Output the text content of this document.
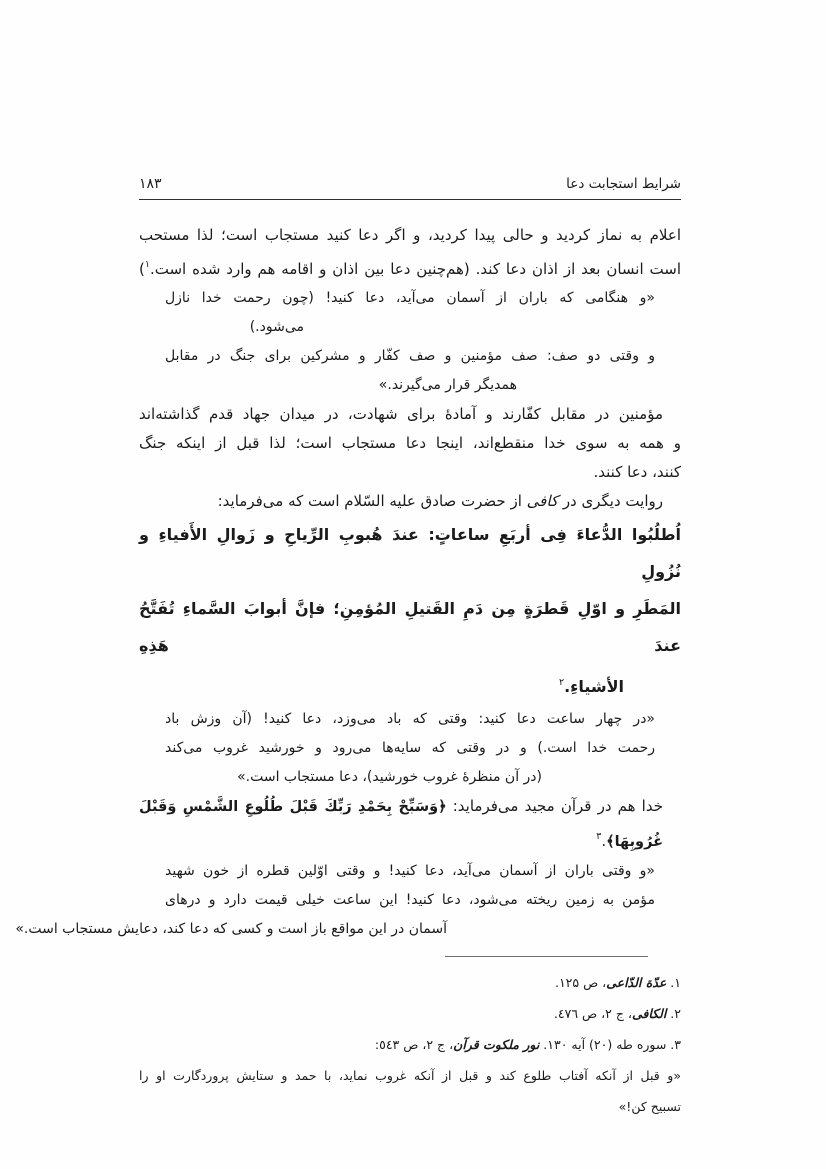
شرایط استجابت دعا
۱۸۳
اعلام به نماز کردید و حالی پیدا کردید، و اگر دعا کنید مستجاب است؛ لذا مستحب
است انسان بعد از اذان دعا کند. (هم‌چنین دعا بین اذان و اقامه هم وارد شده است.$^۱$)
«و هنگامی که باران از آسمان می‌آید، دعا کنید! (چون رحمت خدا نازل
می‌شود.)
و وقتی دو صف: صف مؤمنین و صف کفّار و مشرکین برای جنگ در مقابل
همدیگر قرار می‌گیرند.»
مؤمنین در مقابل کفّارند و آمادهٔ برای شهادت، در میدان جهاد قدم گذاشته‌اند
و همه به سوی خدا منقطع‌اند، اینجا دعا مستجاب است؛ لذا قبل از اینکه جنگ
کنند، دعا کنند.
روایت دیگری در کافی از حضرت صادق علیه السّلام است که می‌فرماید:
اُطلُبُوا الدُّعاءَ فِی أربَعِ ساعاتٍ: عندَ هُبوبِ الرِّیاحِ و زَوالِ الأَفیاءِ و نُزُولِ
المَطَرِ و اوّلِ قَطرَةٍ مِن دَمِ القَتیلِ المُؤمِنِ؛ فإنَّ أبوابَ السَّماءِ تُفَتَّحُ عندَ هَذِهِ
الأشیاءِ.$^۲$
«در چهار ساعت دعا کنید: وقتی که باد می‌وزد، دعا کنید! (آن وزش باد
رحمت خدا است.) و در وقتی که سایه‌ها می‌رود و خورشید غروب می‌کند
(در آن منظرهٔ غروب خورشید)، دعا مستجاب است.»
خدا هم در قرآن مجید می‌فرماید: ﴿وَسَبِّحْ بِحَمْدِ رَبِّكَ قَبْلَ طُلُوعِ الشَّمْسِ وَقَبْلَ غُرُوبِهَا﴾.$^۳$
«و وقتی باران از آسمان می‌آید، دعا کنید! و وقتی اوّلین قطره از خون شهید
مؤمن به زمین ریخته می‌شود، دعا کنید! این ساعت خیلی قیمت دارد و درهای
آسمان در این مواقع باز است و کسی که دعا کند، دعایش مستجاب است.»
۱. عدّة الدّاعی، ص ۱۲۵.
۲. الکافی، ج ۲، ص ٤٧٦.
۳. سوره طه (۲۰) آیه ۱۳۰. نور ملکوت قرآن، ج ۲، ص ٥٤٣:
«و قبل از آنکه آفتاب طلوع کند و قبل از آنکه غروب نماید، با حمد و ستایش پروردگارت او را
تسبیح کن!»
